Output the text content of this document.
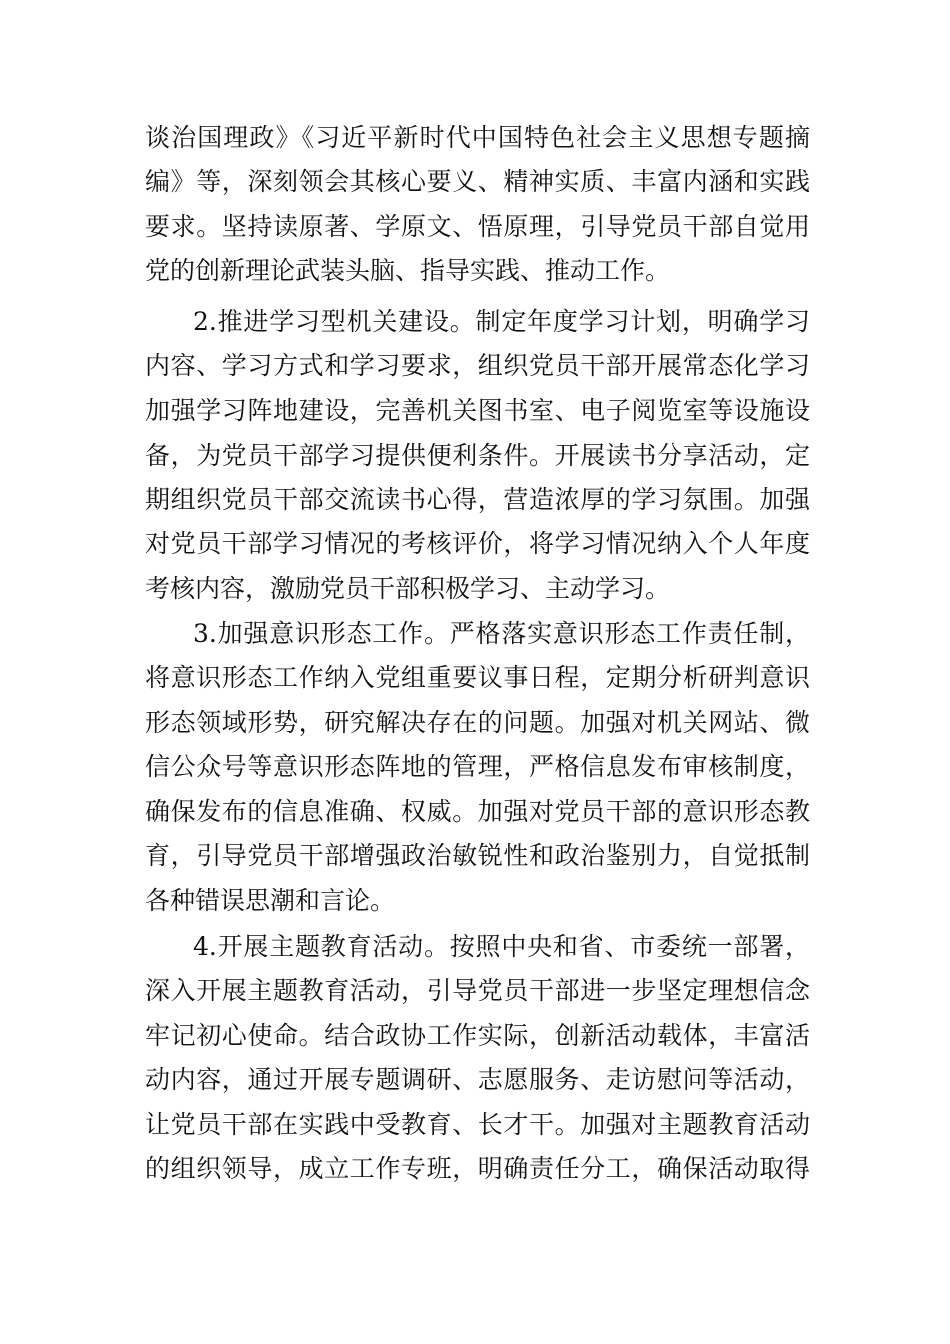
谈治国理政》《习近平新时代中国特色社会主义思想专题摘
编》等，深刻领会其核心要义、精神实质、丰富内涵和实践
要求。坚持读原著、学原文、悟原理，引导党员干部自觉用
党的创新理论武装头脑、指导实践、推动工作。
2.推进学习型机关建设。制定年度学习计划，明确学习
内容、学习方式和学习要求，组织党员干部开展常态化学习
加强学习阵地建设，完善机关图书室、电子阅览室等设施设
备，为党员干部学习提供便利条件。开展读书分享活动，定
期组织党员干部交流读书心得，营造浓厚的学习氛围。加强
对党员干部学习情况的考核评价，将学习情况纳入个人年度
考核内容，激励党员干部积极学习、主动学习。
3.加强意识形态工作。严格落实意识形态工作责任制，
将意识形态工作纳入党组重要议事日程，定期分析研判意识
形态领域形势，研究解决存在的问题。加强对机关网站、微
信公众号等意识形态阵地的管理，严格信息发布审核制度，
确保发布的信息准确、权威。加强对党员干部的意识形态教
育，引导党员干部增强政治敏锐性和政治鉴别力，自觉抵制
各种错误思潮和言论。
4.开展主题教育活动。按照中央和省、市委统一部署，
深入开展主题教育活动，引导党员干部进一步坚定理想信念
牢记初心使命。结合政协工作实际，创新活动载体，丰富活
动内容，通过开展专题调研、志愿服务、走访慰问等活动，
让党员干部在实践中受教育、长才干。加强对主题教育活动
的组织领导，成立工作专班，明确责任分工，确保活动取得
